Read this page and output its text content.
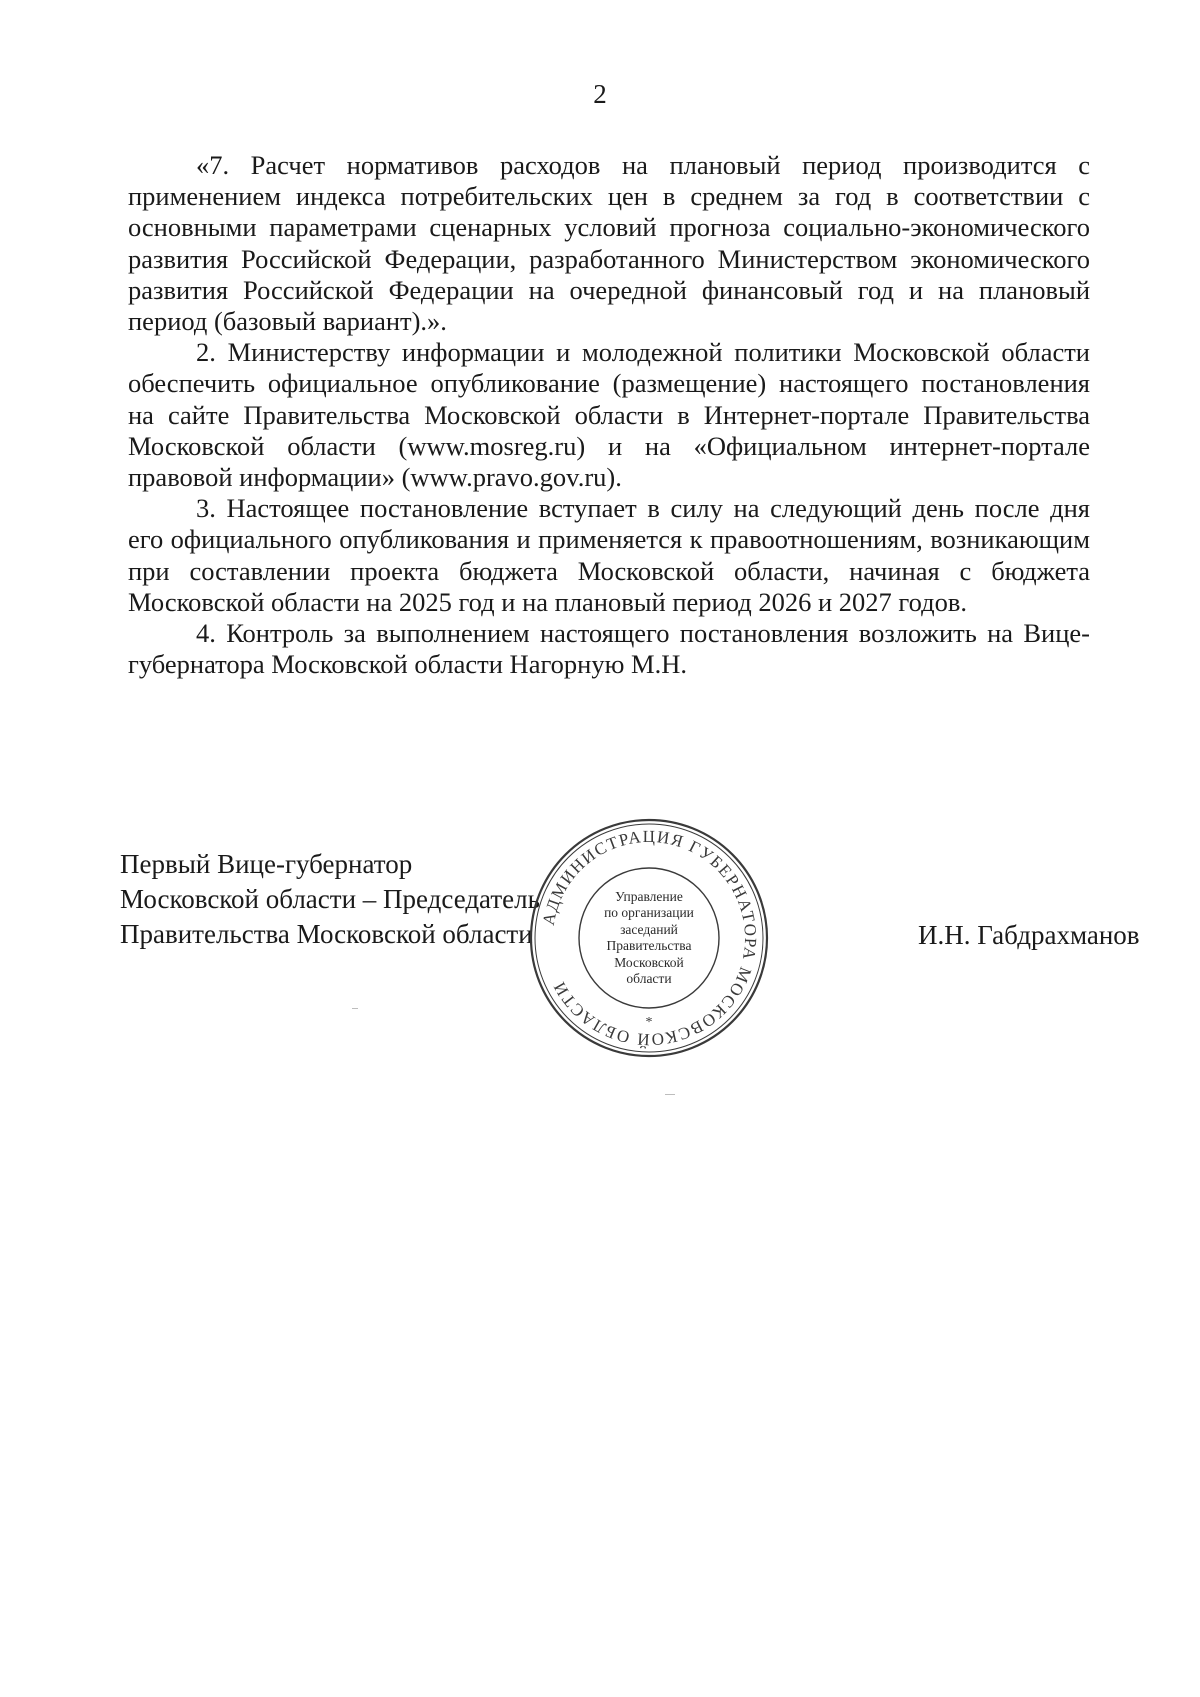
2

«7. Расчет нормативов расходов на плановый период производится с применением индекса потребительских цен в среднем за год в соответствии с основными параметрами сценарных условий прогноза социально-экономического развития Российской Федерации, разработанного Министерством экономического развития Российской Федерации на очередной финансовый год и на плановый период (базовый вариант).».

2. Министерству информации и молодежной политики Московской области обеспечить официальное опубликование (размещение) настоящего постановления на сайте Правительства Московской области в Интернет-портале Правительства Московской области (www.mosreg.ru) и на «Официальном интернет-портале правовой информации» (www.pravo.gov.ru).

3. Настоящее постановление вступает в силу на следующий день после дня его официального опубликования и применяется к правоотношениям, возникающим при составлении проекта бюджета Московской области, начиная с бюджета Московской области на 2025 год и на плановый период 2026 и 2027 годов.

4. Контроль за выполнением настоящего постановления возложить на Вице-губернатора Московской области Нагорную М.Н.

Первый Вице-губернатор
Московской области – Председатель
Правительства Московской области	И.Н. Габдрахманов
АДМИНИСТРАЦИЯ ГУБЕРНАТОРА МОСКОВСКОЙ ОБЛАСТИ
*
Управление
по организации
заседаний
Правительства
Московской
области
